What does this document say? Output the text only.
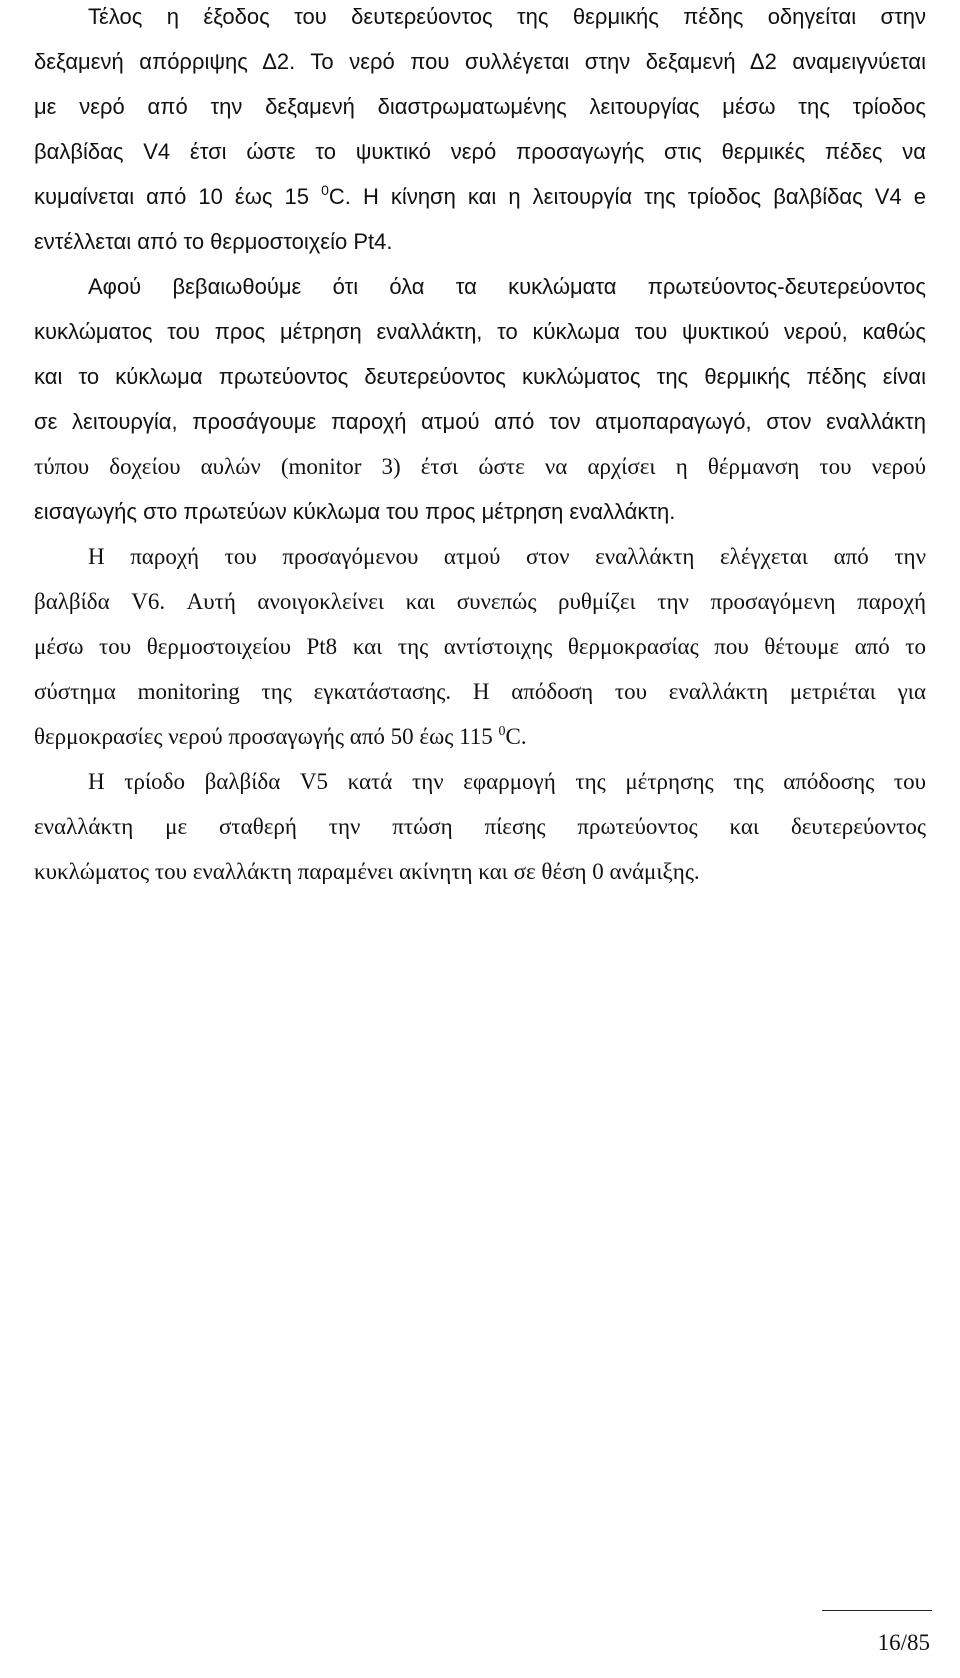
Τέλος η έξοδος του δευτερεύοντος της θερμικής πέδης οδηγείται στην
δεξαμενή απόρριψης Δ2. Το νερό που συλλέγεται στην δεξαμενή Δ2 αναμειγνύεται
με νερό από την δεξαμενή διαστρωματωμένης λειτουργίας μέσω της τρίοδος
βαλβίδας V4 έτσι ώστε το ψυκτικό νερό προσαγωγής στις θερμικές πέδες να
κυμαίνεται από 10 έως 15 $^0$C. Η κίνηση και η λειτουργία της τρίοδος βαλβίδας V4 e
εντέλλεται από το θερμοστοιχείο Pt4.
Αφού βεβαιωθούμε ότι όλα τα κυκλώματα πρωτεύοντος-δευτερεύοντος
κυκλώματος του προς μέτρηση εναλλάκτη, το κύκλωμα του ψυκτικού νερού, καθώς
και το κύκλωμα πρωτεύοντος δευτερεύοντος κυκλώματος της θερμικής πέδης είναι
σε λειτουργία, προσάγουμε παροχή ατμού από τον ατμοπαραγωγό, στον εναλλάκτη
τύπου δοχείου αυλών (monitor 3) έτσι ώστε να αρχίσει η θέρμανση του νερού
εισαγωγής στο πρωτεύων κύκλωμα του προς μέτρηση εναλλάκτη.
Η παροχή του προσαγόμενου ατμού στον εναλλάκτη ελέγχεται από την
βαλβίδα V6. Αυτή ανοιγοκλείνει και συνεπώς ρυθμίζει την προσαγόμενη παροχή
μέσω του θερμοστοιχείου Pt8 και της αντίστοιχης θερμοκρασίας που θέτουμε από το
σύστημα monitoring της εγκατάστασης. Η απόδοση του εναλλάκτη μετριέται για
θερμοκρασίες νερού προσαγωγής από 50 έως 115 $^0$C.
Η τρίοδο βαλβίδα V5 κατά την εφαρμογή της μέτρησης της απόδοσης του
εναλλάκτη με σταθερή την πτώση πίεσης πρωτεύοντος και δευτερεύοντος
κυκλώματος του εναλλάκτη παραμένει ακίνητη και σε θέση 0 ανάμιξης.
16/85
